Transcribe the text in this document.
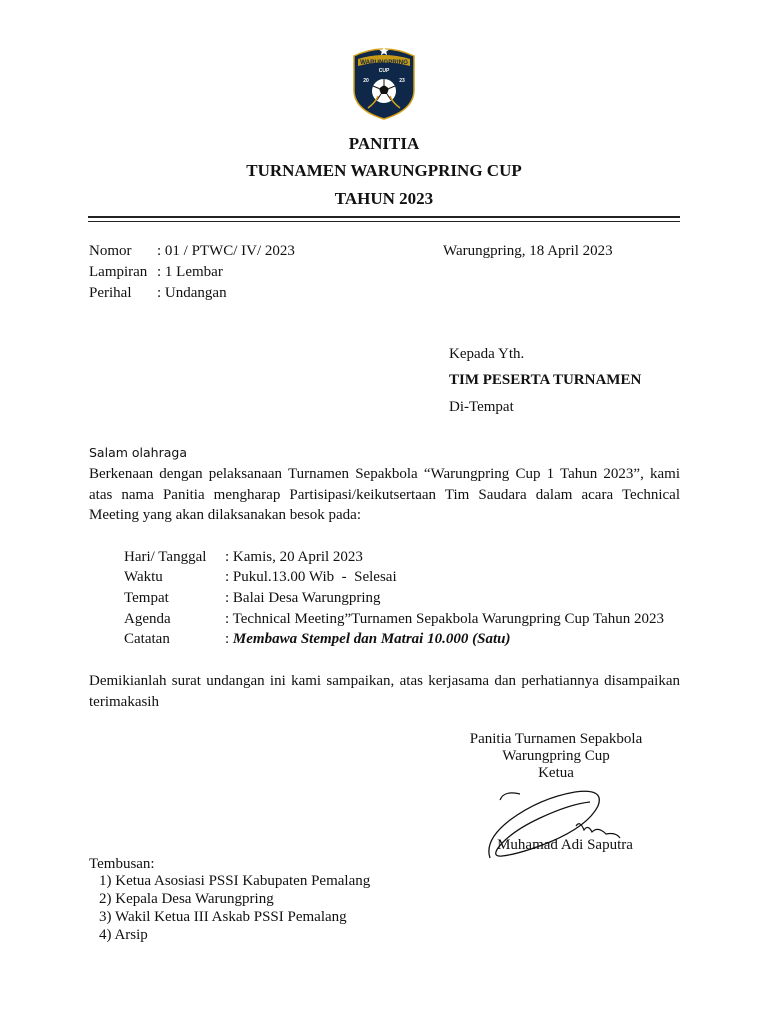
WARUNGPRING
CUP
20	23
PANITIA
TURNAMEN WARUNGPRING CUP
TAHUN 2023
Nomor : 01 / PTWC/ IV/ 2023
Lampiran : 1 Lembar
Perihal : Undangan
Warungpring, 18 April 2023
Kepada Yth.
TIM PESERTA TURNAMEN
Di-Tempat
Salam olahraga
Berkenaan dengan pelaksanaan Turnamen Sepakbola “Warungpring Cup 1 Tahun 2023”, kami atas nama Panitia mengharap Partisipasi/keikutsertaan Tim Saudara dalam acara Technical Meeting yang akan dilaksanakan besok pada:
Hari/ Tanggal : Kamis, 20 April 2023
Waktu	: Pukul.13.00 Wib  -  Selesai
Tempat	: Balai Desa Warungpring
Agenda	: Technical Meeting”Turnamen Sepakbola Warungpring Cup Tahun 2023
Catatan	: Membawa Stempel dan Matrai 10.000 (Satu)
Demikianlah surat undangan ini kami sampaikan, atas kerjasama dan perhatiannya disampaikan terimakasih
Panitia Turnamen Sepakbola
Warungpring Cup
Ketua
Muhamad Adi Saputra
Tembusan:
1) Ketua Asosiasi PSSI Kabupaten Pemalang
2) Kepala Desa Warungpring
3) Wakil Ketua III Askab PSSI Pemalang
4) Arsip
